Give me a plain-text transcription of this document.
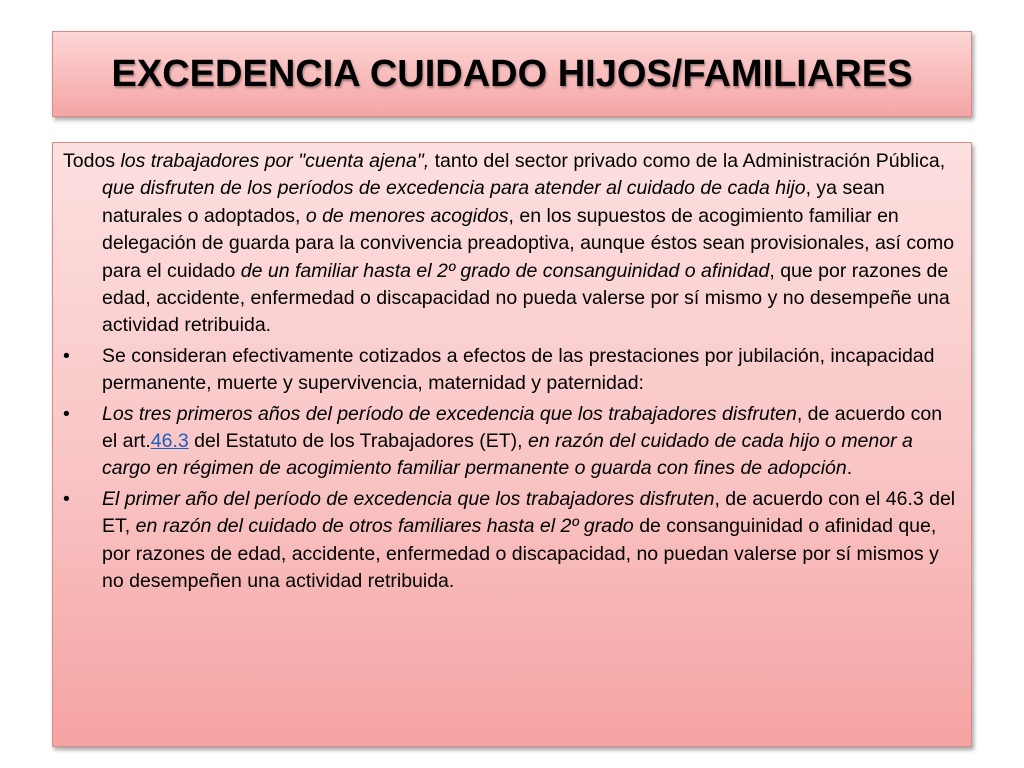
EXCEDENCIA CUIDADO HIJOS/FAMILIARES

Todos los trabajadores por "cuenta ajena", tanto del sector privado como de la Administración Pública, que disfruten de los períodos de excedencia para atender al cuidado de cada hijo, ya sean naturales o adoptados, o de menores acogidos, en los supuestos de acogimiento familiar en delegación de guarda para la convivencia preadoptiva, aunque éstos sean provisionales, así como para el cuidado de un familiar hasta el 2º grado de consanguinidad o afinidad, que por razones de edad, accidente, enfermedad o discapacidad no pueda valerse por sí mismo y no desempeñe una actividad retribuida.

•	Se consideran efectivamente cotizados a efectos de las prestaciones por jubilación, incapacidad permanente, muerte y supervivencia, maternidad y paternidad:

•	Los tres primeros años del período de excedencia que los trabajadores disfruten, de acuerdo con el art.46.3 del Estatuto de los Trabajadores (ET), en razón del cuidado de cada hijo o menor a cargo en régimen de acogimiento familiar permanente o guarda con fines de adopción.

•	El primer año del período de excedencia que los trabajadores disfruten, de acuerdo con el 46.3 del ET, en razón del cuidado de otros familiares hasta el 2º grado de consanguinidad o afinidad que, por razones de edad, accidente, enfermedad o discapacidad, no puedan valerse por sí mismos y no desempeñen una actividad retribuida.
